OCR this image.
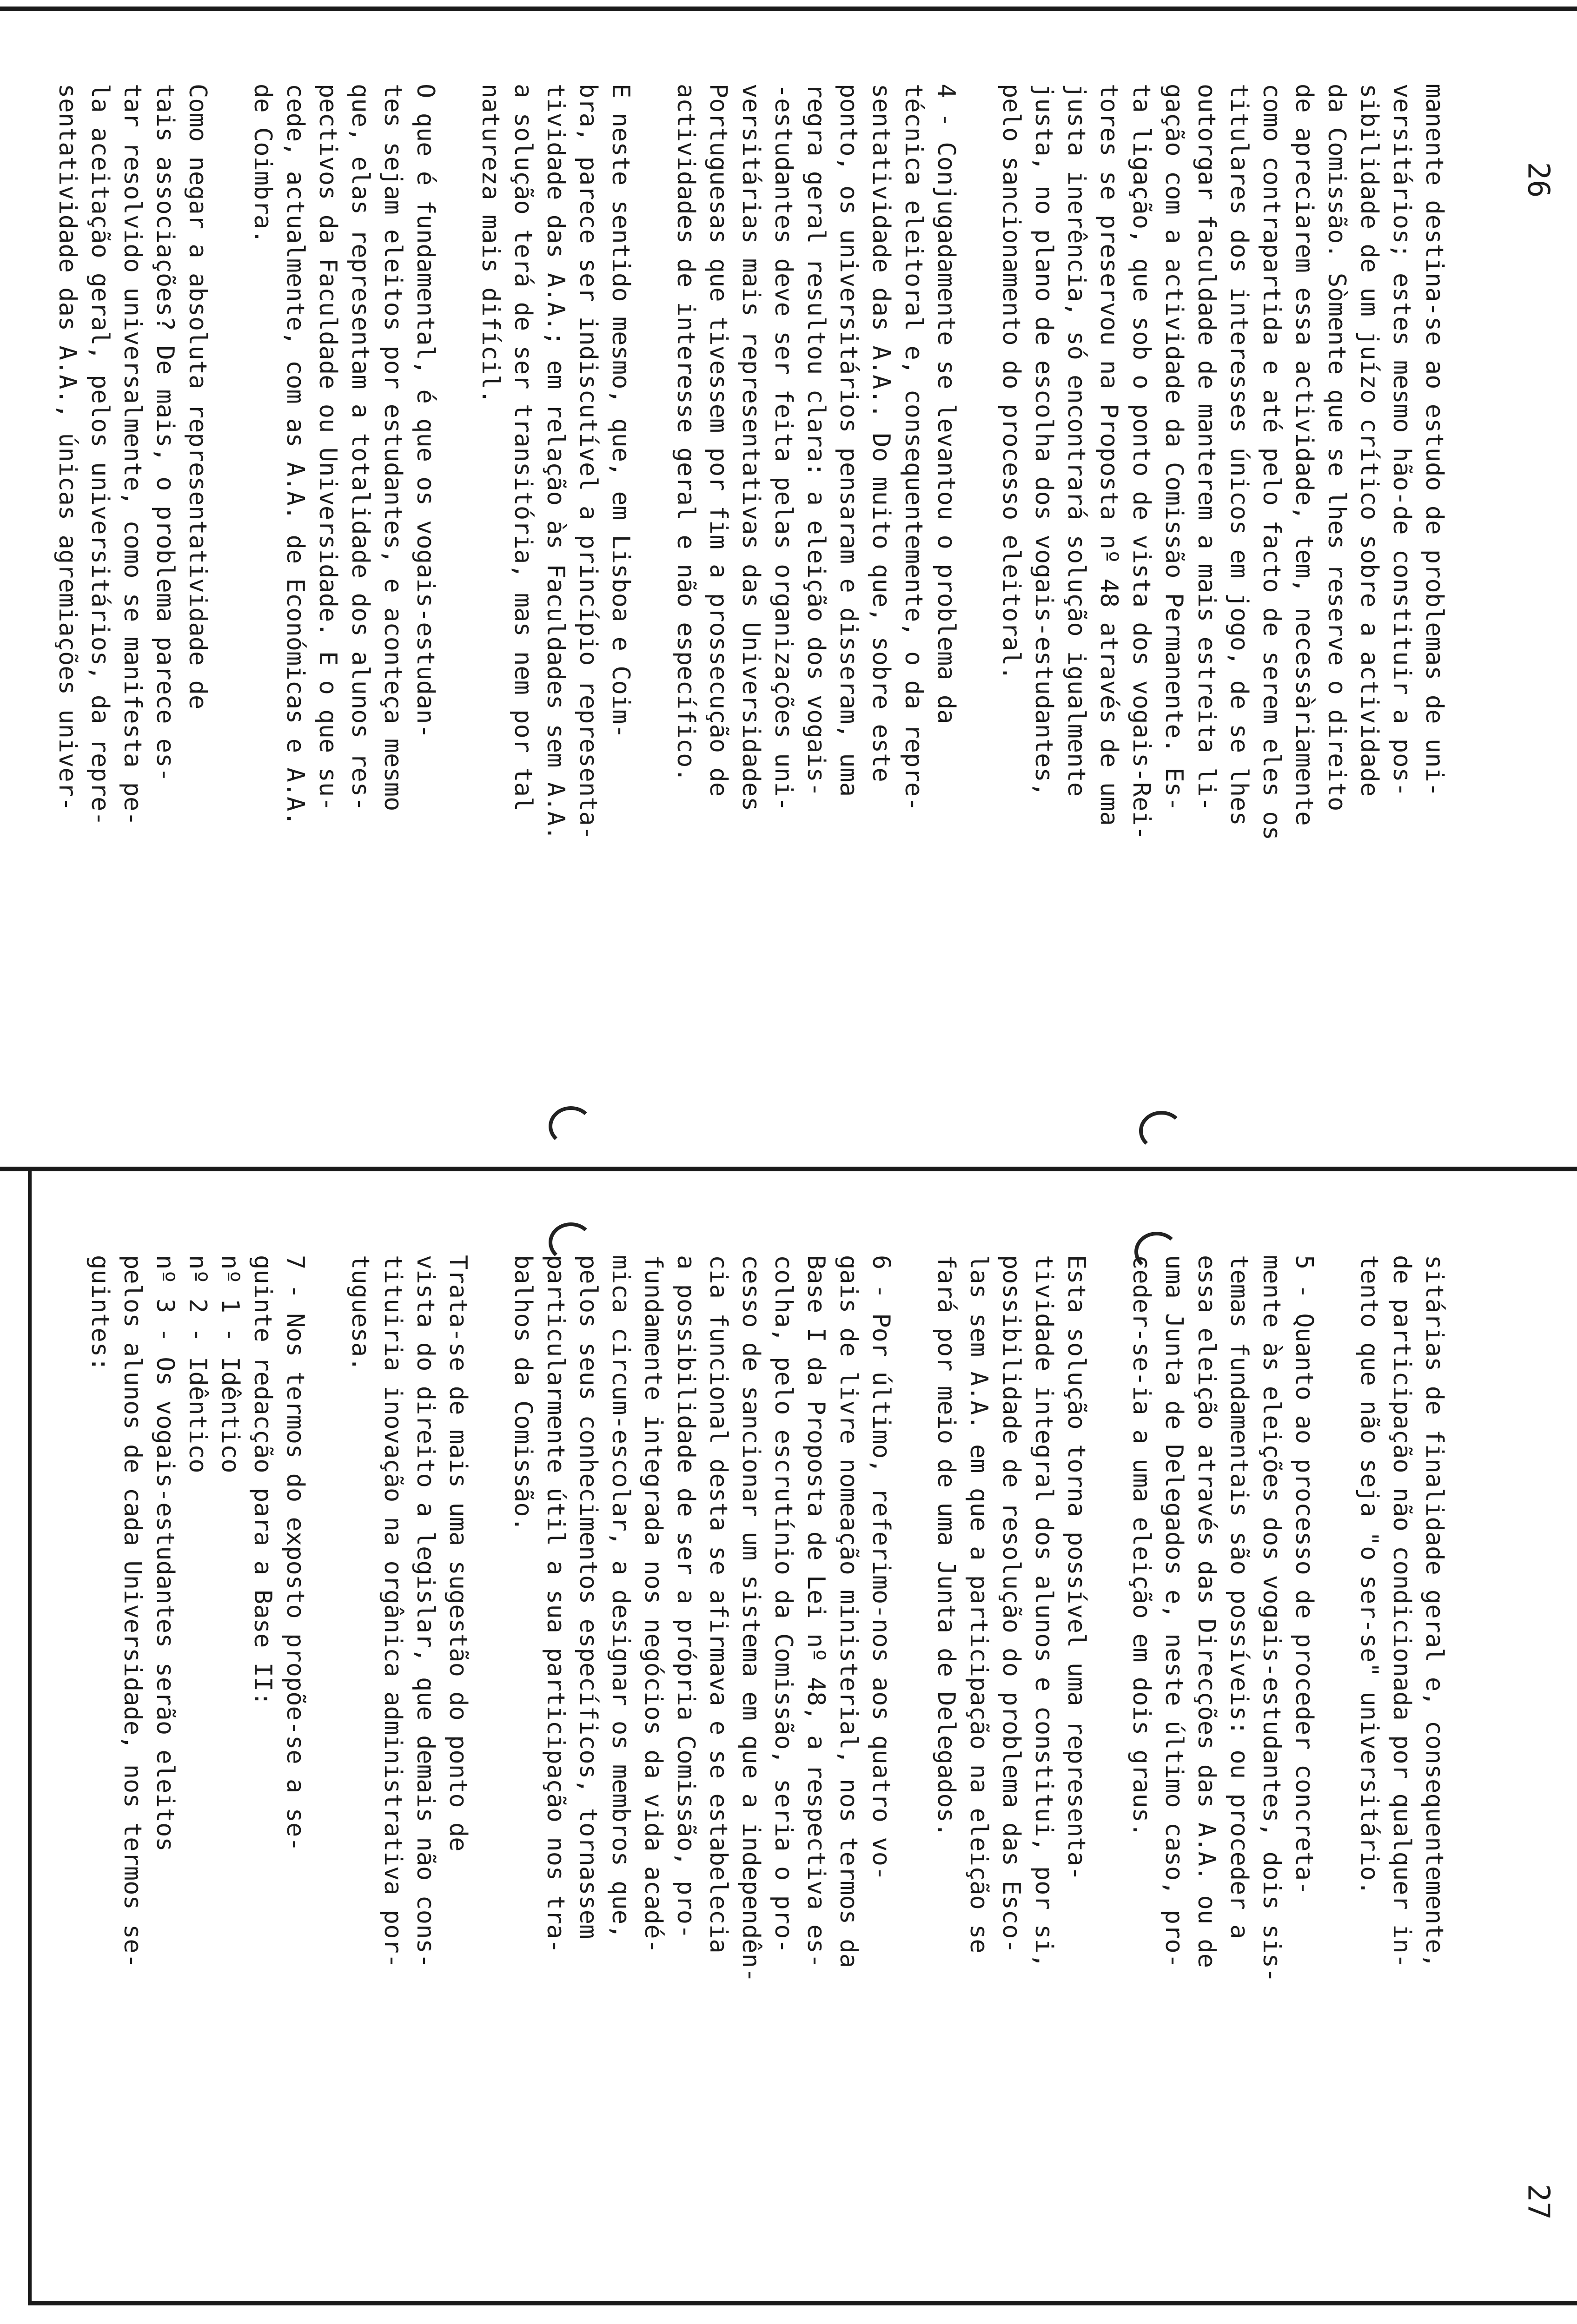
26
27
manente destina-se ao estudo de problemas de uni-
versitários; estes mesmo hão-de constituir a pos-
sibilidade de um juízo crítico sobre a actividade
da Comissão. Sòmente que se lhes reserve o direito
de apreciarem essa actividade, tem, necessàriamente
como contrapartida e até pelo facto de serem eles os
titulares dos interesses únicos em jogo, de se lhes
outorgar faculdade de manterem a mais estreita li-
gação com a actividade da Comissão Permanente. Es-
ta ligação, que sob o ponto de vista dos vogais-Rei-
tores se preservou na Proposta nº 48 através de uma
justa inerência, só encontrará solução igualmente
justa, no plano de escolha dos vogais-estudantes,
pelo sancionamento do processo eleitoral.
4 - Conjugadamente se levantou o problema da
técnica eleitoral e, consequentemente, o da repre-
sentatividade das A.A.. Do muito que, sobre este
ponto, os universitários pensaram e disseram, uma
regra geral resultou clara: a eleição dos vogais-
-estudantes deve ser feita pelas organizações uni-
versitárias mais representativas das Universidades
Portuguesas que tivessem por fim a prossecução de
actividades de interesse geral e não específico.
E neste sentido mesmo, que, em Lisboa e Coim-
bra, parece ser indiscutível a princípio representa-
tividade das A.A.; em relação às Faculdades sem A.A.
a solução terá de ser transitória, mas nem por tal
natureza mais difícil.
O que é fundamental, é que os vogais-estudan-
tes sejam eleitos por estudantes, e aconteça mesmo
que, elas representam a totalidade dos alunos res-
pectivos da Faculdade ou Universidade. E o que su-
cede, actualmente, com as A.A. de Económicas e A.A.
de Coimbra.
Como negar a absoluta representatividade de
tais associações? De mais, o problema parece es-
tar resolvido universalmente, como se manifesta pe-
la aceitação geral, pelos universitários, da repre-
sentatividade das A.A., únicas agremiações univer-
sitárias de finalidade geral e, consequentemente,
de participação não condicionada por qualquer in-
tento que não seja "o ser-se" universitário.
5 - Quanto ao processo de proceder concreta-
mente às eleições dos vogais-estudantes, dois sis-
temas fundamentais são possíveis: ou proceder a
essa eleição através das Direcções das A.A. ou de
uma Junta de Delegados e, neste último caso, pro-
ceder-se-ia a uma eleição em dois graus.
Esta solução torna possível uma representa-
tividade integral dos alunos e constitui, por si,
possibilidade de resolução do problema das Esco-
las sem A.A. em que a participação na eleição se
fará por meio de uma Junta de Delegados.
6 - Por último, referimo-nos aos quatro vo-
gais de livre nomeação ministerial, nos termos da
Base I da Proposta de Lei nº 48, a respectiva es-
colha, pelo escrutínio da Comissão, seria o pro-
cesso de sancionar um sistema em que a independên-
cia funcional desta se afirmava e se estabelecia
a possibilidade de ser a própria Comissão, pro-
fundamente integrada nos negócios da vida acadé-
mica circum-escolar, a designar os membros que,
pelos seus conhecimentos específicos, tornassem
particularmente útil a sua participação nos tra-
balhos da Comissão.
Trata-se de mais uma sugestão do ponto de
vista do direito a legislar, que demais não cons-
tituiria inovação na orgânica administrativa por-
tuguesa.
7 - Nos termos do exposto propõe-se a se-
guinte redacção para a Base II:
nº 1 - Idêntico
nº 2 - Idêntico
nº 3 - Os vogais-estudantes serão eleitos
pelos alunos de cada Universidade, nos termos se-
guintes:
